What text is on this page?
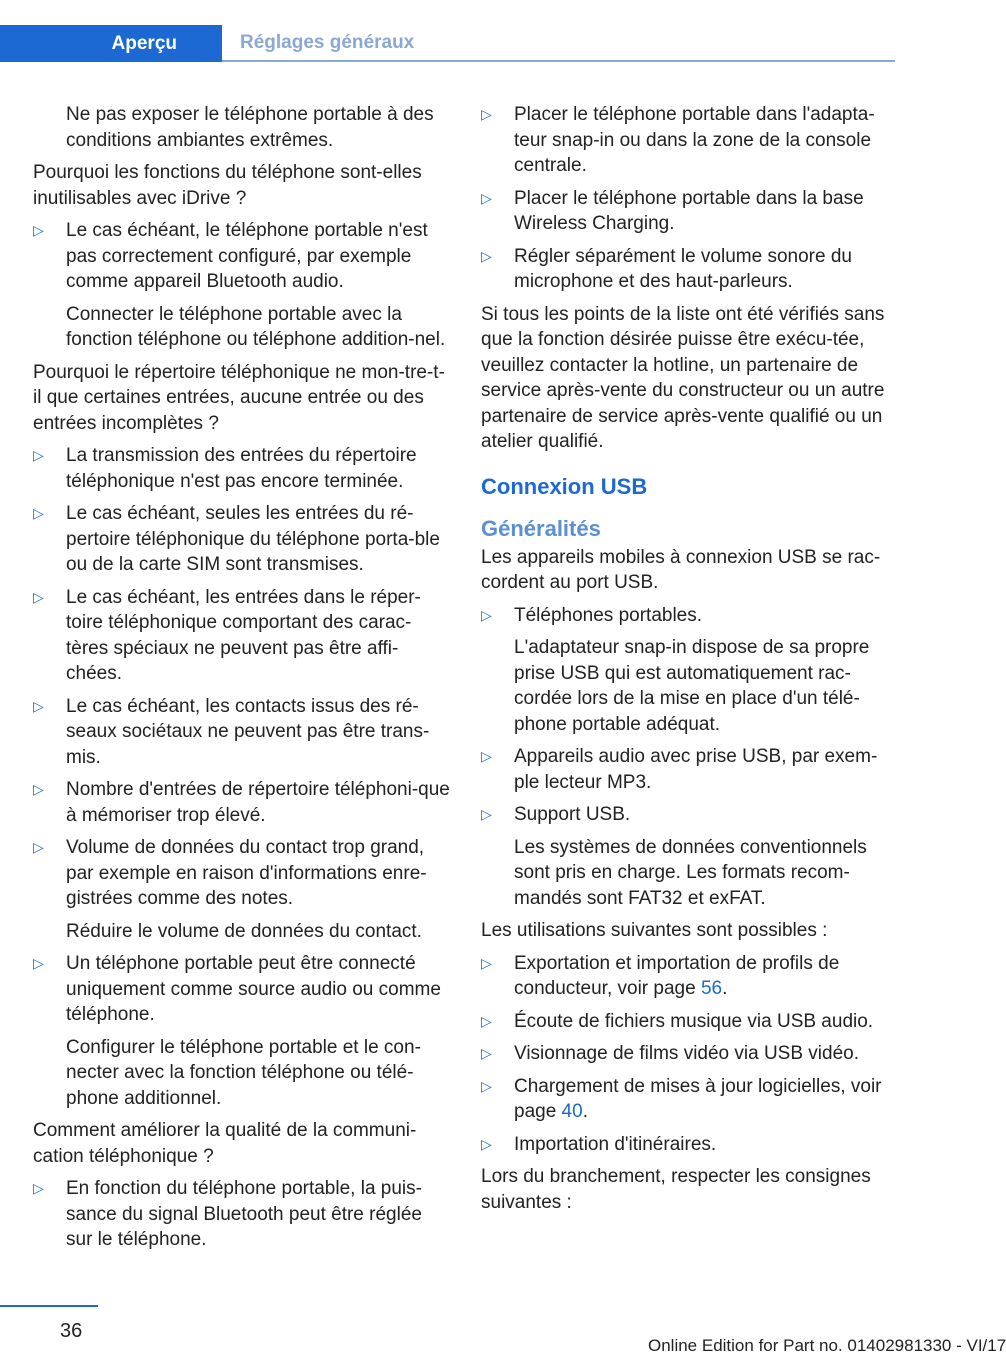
Aperçu	Réglages généraux

Ne pas exposer le téléphone portable à des conditions ambiantes extrêmes.

Pourquoi les fonctions du téléphone sont-elles inutilisables avec iDrive ?

▷ Le cas échéant, le téléphone portable n'est pas correctement configuré, par exemple comme appareil Bluetooth audio.

Connecter le téléphone portable avec la fonction téléphone ou téléphone addition-nel.

Pourquoi le répertoire téléphonique ne mon-tre-t-il que certaines entrées, aucune entrée ou des entrées incomplètes ?

▷ La transmission des entrées du répertoire téléphonique n'est pas encore terminée.
▷ Le cas échéant, seules les entrées du ré-pertoire téléphonique du téléphone porta-ble ou de la carte SIM sont transmises.
▷ Le cas échéant, les entrées dans le réper-toire téléphonique comportant des carac-tères spéciaux ne peuvent pas être affi-chées.
▷ Le cas échéant, les contacts issus des ré-seaux sociétaux ne peuvent pas être trans-mis.
▷ Nombre d'entrées de répertoire téléphoni-que à mémoriser trop élevé.
▷ Volume de données du contact trop grand, par exemple en raison d'informations enre-gistrées comme des notes.

Réduire le volume de données du contact.

▷ Un téléphone portable peut être connecté uniquement comme source audio ou comme téléphone.

Configurer le téléphone portable et le con-necter avec la fonction téléphone ou télé-phone additionnel.

Comment améliorer la qualité de la communi-cation téléphonique ?

▷ En fonction du téléphone portable, la puis-sance du signal Bluetooth peut être réglée sur le téléphone.
▷ Placer le téléphone portable dans l'adapta-teur snap-in ou dans la zone de la console centrale.
▷ Placer le téléphone portable dans la base Wireless Charging.
▷ Régler séparément le volume sonore du microphone et des haut-parleurs.

Si tous les points de la liste ont été vérifiés sans que la fonction désirée puisse être exécu-tée, veuillez contacter la hotline, un partenaire de service après-vente du constructeur ou un autre partenaire de service après-vente qualifié ou un atelier qualifié.

Connexion USB
Généralités

Les appareils mobiles à connexion USB se rac-cordent au port USB.

▷ Téléphones portables.

L'adaptateur snap-in dispose de sa propre prise USB qui est automatiquement rac-cordée lors de la mise en place d'un télé-phone portable adéquat.

▷ Appareils audio avec prise USB, par exem-ple lecteur MP3.
▷ Support USB.

Les systèmes de données conventionnels sont pris en charge. Les formats recom-mandés sont FAT32 et exFAT.

Les utilisations suivantes sont possibles :

▷ Exportation et importation de profils de conducteur, voir page 56.
▷ Écoute de fichiers musique via USB audio.
▷ Visionnage de films vidéo via USB vidéo.
▷ Chargement de mises à jour logicielles, voir page 40.
▷ Importation d'itinéraires.

Lors du branchement, respecter les consignes suivantes :

36
Online Edition for Part no. 01402981330 - VI/17
